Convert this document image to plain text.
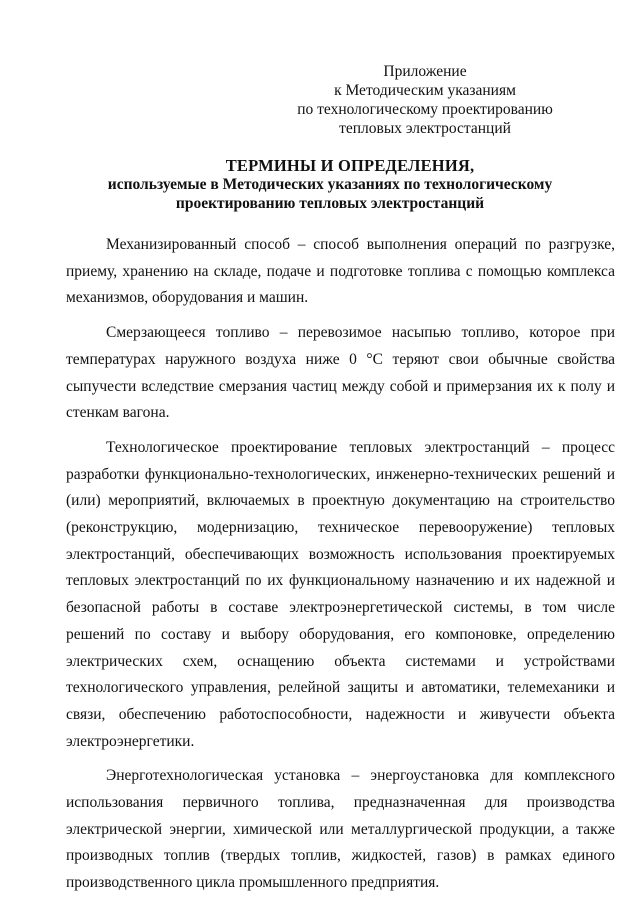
Приложение
к Методическим указаниям
по технологическому проектированию
тепловых электростанций
ТЕРМИНЫ И ОПРЕДЕЛЕНИЯ,
используемые в Методических указаниях по технологическому
проектированию тепловых электростанций

Механизированный способ – способ выполнения операций по разгрузке, приему, хранению на складе, подаче и подготовке топлива с помощью комплекса механизмов, оборудования и машин.

Смерзающееся топливо – перевозимое насыпью топливо, которое при температурах наружного воздуха ниже 0 °С теряют свои обычные свойства сыпучести вследствие смерзания частиц между собой и примерзания их к полу и стенкам вагона.

Технологическое проектирование тепловых электростанций – процесс разработки функционально-технологических, инженерно-технических решений и (или) мероприятий, включаемых в проектную документацию на строительство (реконструкцию, модернизацию, техническое перевооружение) тепловых электростанций, обеспечивающих возможность использования проектируемых тепловых электростанций по их функциональному назначению и их надежной и безопасной работы в составе электроэнергетической системы, в том числе решений по составу и выбору оборудования, его компоновке, определению электрических схем, оснащению объекта системами и устройствами технологического управления, релейной защиты и автоматики, телемеханики и связи, обеспечению работоспособности, надежности и живучести объекта электроэнергетики.

Энерготехнологическая установка – энергоустановка для комплексного использования первичного топлива, предназначенная для производства электрической энергии, химической или металлургической продукции, а также производных топлив (твердых топлив, жидкостей, газов) в рамках единого производственного цикла промышленного предприятия.
